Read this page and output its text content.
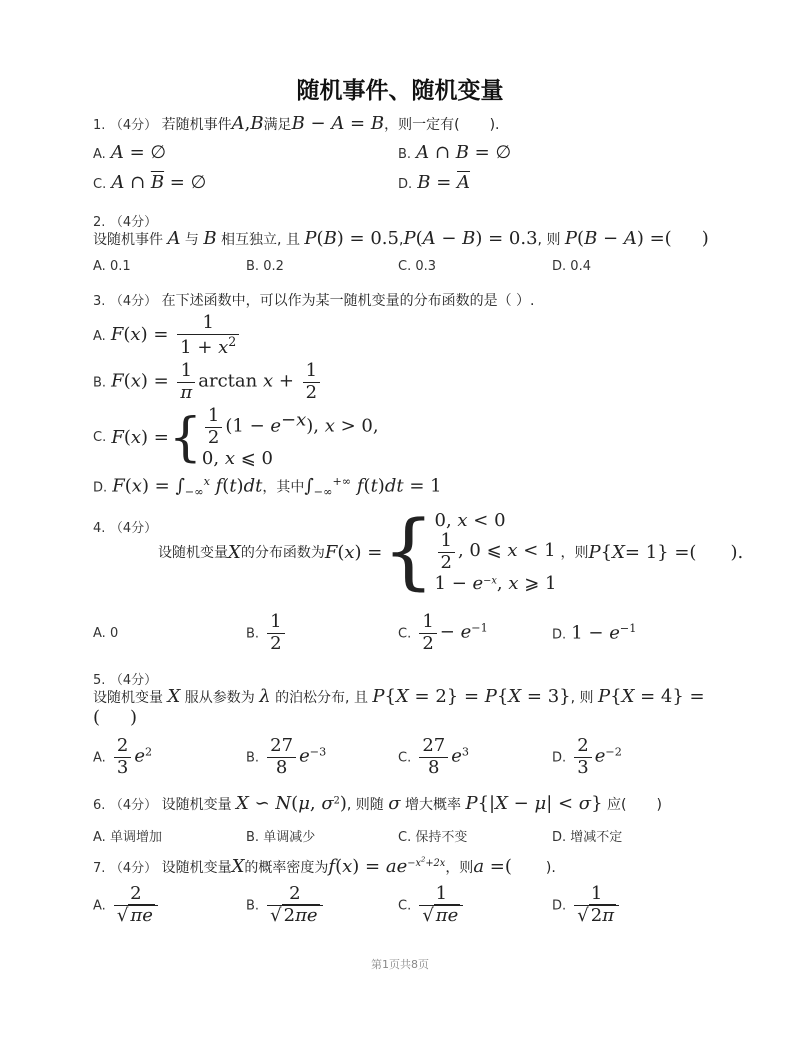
随机事件、随机变量
1. （4分） 若随机事件A,B满足B − A = B，则一定有( ).
A. A = ∅	B. A ∩ B = ∅
C. A ∩ $\overline{B}$ = ∅	D. $B = \overline{A}$
2. （4分）
设随机事件 A 与 B 相互独立, 且 P(B) = 0.5,P(A − B) = 0.3, 则 P(B − A) =( )
A. 0.1	B. 0.2	C. 0.3	D. 0.4
3. （4分） 在下述函数中，可以作为某一随机变量的分布函数的是（ ）.
A. $F(x) = \frac{1}{1 + x^2}$
B. $F(x) = \frac{1}{\pi}$ $\arctan x + \frac{1}{2}$
C. F ( x ) = { $\frac{1}{2} (1 - e^{-x})$, x > 0,
0, x ⩽ 0
D. $F(x) = \int_{-\infty}^x$ f(t)dt，其中$\int_{-\infty}^{+\infty}$ f(t)dt = 1
4. （4分）
设随机变量 X 的分布函数为 F ( x ) = { 0, x < 0
$\frac{1}{2}$ , 0 ⩽ x < 1
$1 - e^{-x}$, x ⩾ 1
，则 P { X = 1} =( ).
A. 0	B. $\frac{1}{2}$	C. $\frac{1}{2} - e^{-1}$	D. $1 - e^{-1}$
5. （4分）
设随机变量 X 服从参数为 λ 的泊松分布, 且 P{X = 2} = P{X = 3}, 则 P{X = 4} =
( )
A. $\frac{2}{3} e^2$	B. $\frac{27}{8} e^{-3}$	C. $\frac{27}{8} e^3$	D. $\frac{2}{3} e^{-2}$
6. （4分） 设随机变量 X ∽ N(μ, $\sigma^2$), 则随 σ 增大概率 P{|X − μ| < σ} 应( )
A. 单调增加	B. 单调减少	C. 保持不变	D. 增减不定
7. （4分） 设随机变量X的概率密度为$f(x) = ae^{-x^2+2x}$，则a =( ).
A. $\frac{2}{√ \pi e}$	B. $\frac{2}{√ 2\pi e}$	C. $\frac{1}{√ \pi e}$	D. $\frac{1}{√ 2\pi}$
第1页共8页
